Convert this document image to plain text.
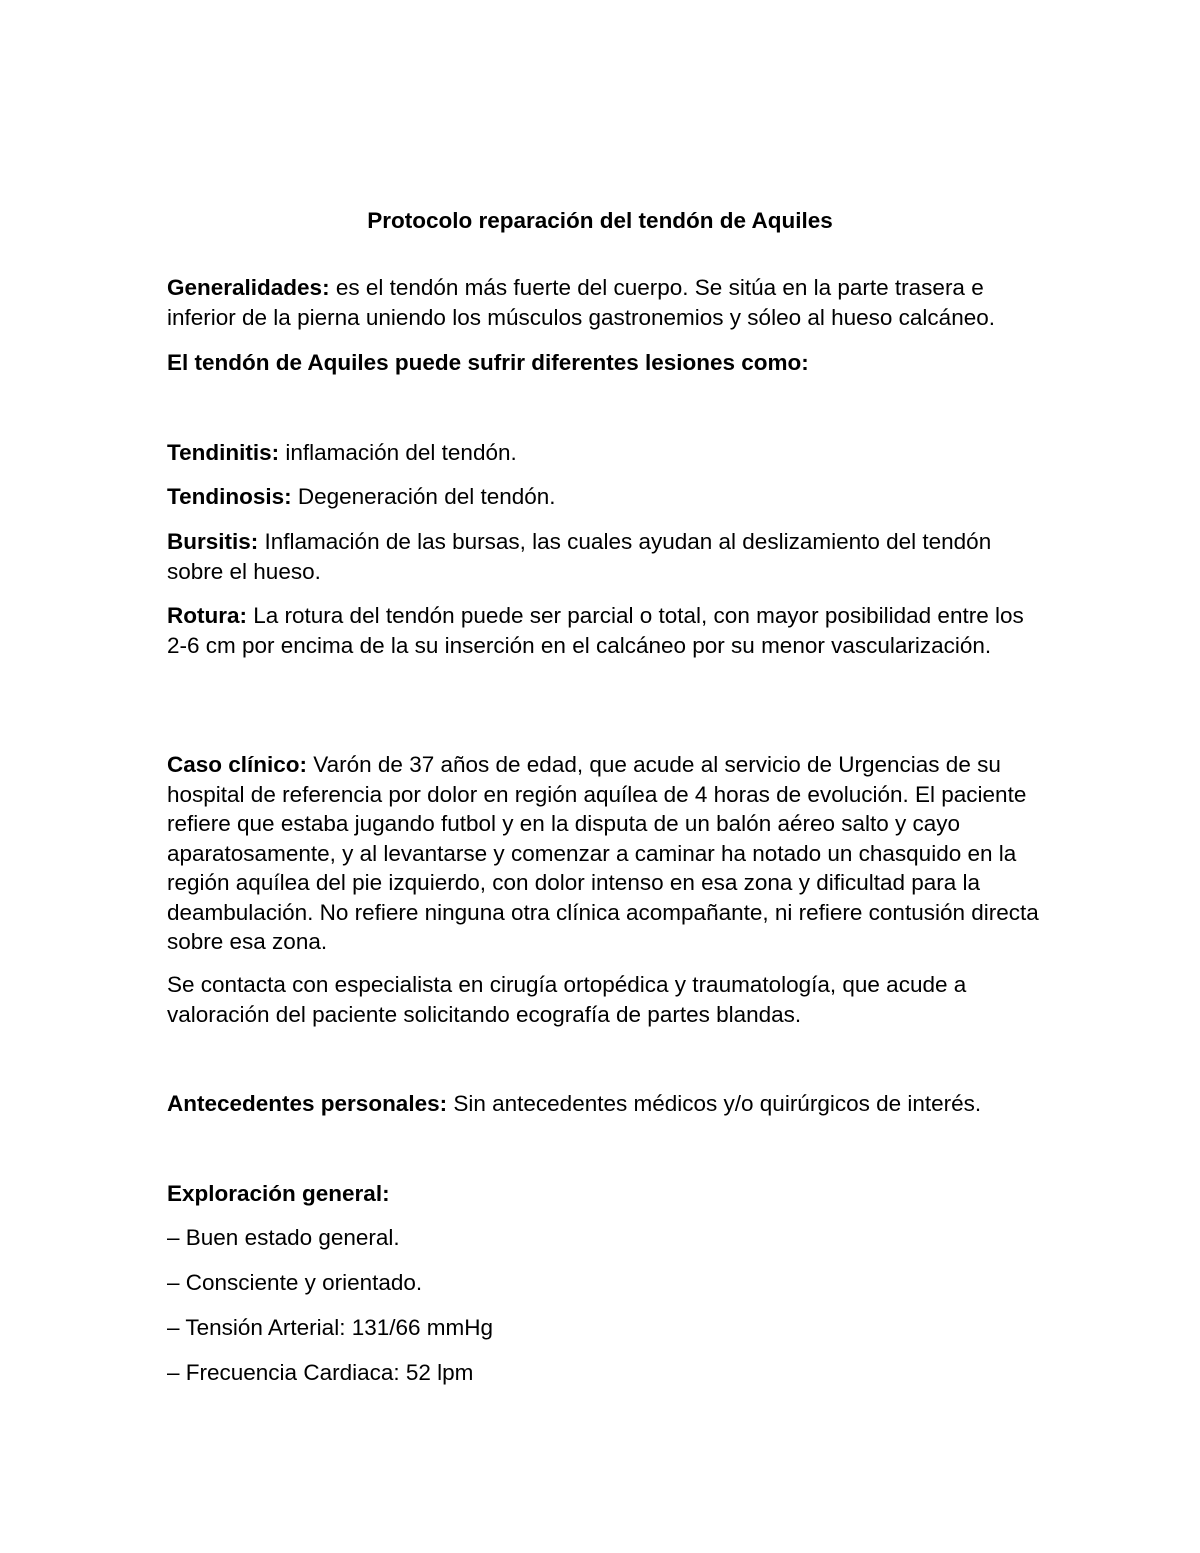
Protocolo reparación del tendón de Aquiles

Generalidades: es el tendón más fuerte del cuerpo. Se sitúa en la parte trasera e inferior de la pierna uniendo los músculos gastronemios y sóleo al hueso calcáneo.

El tendón de Aquiles puede sufrir diferentes lesiones como:

Tendinitis: inflamación del tendón.

Tendinosis: Degeneración del tendón.

Bursitis: Inflamación de las bursas, las cuales ayudan al deslizamiento del tendón sobre el hueso.

Rotura: La rotura del tendón puede ser parcial o total, con mayor posibilidad entre los 2-6 cm por encima de la su inserción en el calcáneo por su menor vascularización.

Caso clínico: Varón de 37 años de edad, que acude al servicio de Urgencias de su hospital de referencia por dolor en región aquílea de 4 horas de evolución. El paciente refiere que estaba jugando futbol y en la disputa de un balón aéreo salto y cayo aparatosamente, y al levantarse y comenzar a caminar ha notado un chasquido en la región aquílea del pie izquierdo, con dolor intenso en esa zona y dificultad para la deambulación. No refiere ninguna otra clínica acompañante, ni refiere contusión directa sobre esa zona.

Se contacta con especialista en cirugía ortopédica y traumatología, que acude a valoración del paciente solicitando ecografía de partes blandas.

Antecedentes personales: Sin antecedentes médicos y/o quirúrgicos de interés.

Exploración general:

– Buen estado general.

– Consciente y orientado.

– Tensión Arterial: 131/66 mmHg

– Frecuencia Cardiaca: 52 lpm
